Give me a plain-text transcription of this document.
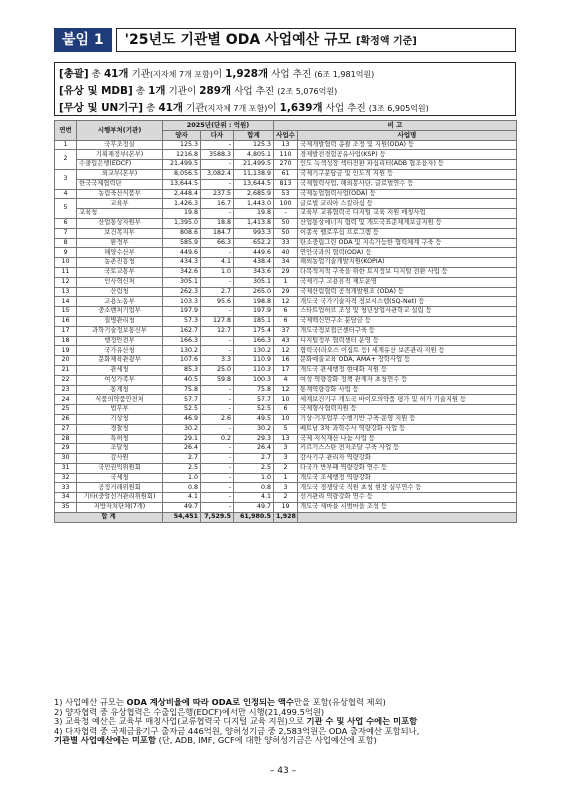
붙임 1	'25년도 기관별 ODA 사업예산 규모 [확정액 기준]
[총괄] 총 41개 기관(지자체 7개 포함)이 1,928개 사업 추진 (6조 1,981억원)
[유상 및 MDB] 총 1개 기관이 289개 사업 추진 (2조 5,076억원)
[무상 및 UN기구] 총 41개 기관(지자체 7개 포함)이 1,639개 사업 추진 (3조 6,905억원)
연번	시행부처(기관)	2025년(단위 : 억원)			비 고	
		양자	다자	합계	사업수	사업명
1	국무조정실	125.3	-	125.3	13	국제개발협력 총괄 조정 및 지원(ODA) 등
2	기획재정부(본부)	1216.8	3588.3	4,805.1	110	경제발전경험공유사업(KSP) 등
	수출입은행(EDCF)	21,499.5	-	21,499.5	270	인도 녹색성장 섹터전환 파십리터(ADB 협조융자) 등
3	외교부(본부)	8,056.5	3,082.4	11,138.9	61	국제기구분담금 및 인도적 지원 등
	한국국제협력단	13,644.5	-	13,644.5	813	국제협력사업, 해외봉사단, 글로벌연수 등
4	농림축산식품부	2,448.4	237.5	2,685.9	53	국제농업협력사업(ODA) 등
5	교육부	1,426.3	16.7	1,443.0	100	글로벌 코리아 스칼라십 등
	교육청	19.8	-	19.8	-	교육부 교류협력국 디지털 교육 지원 매칭사업
6	산업통상자원부	1,395.0	18.8	1,413.8	50	산업통상에너지 협력 및 개도국표준체계보급지원 등
7	보건복지부	808.6	184.7	993.3	50	이종욱 펠로우십 프로그램 등
8	환경부	585.9	66.3	652.2	33	탄소중립그린 ODA 및 지속가능한 협력체계 구축 등
9	해양수산부	449.6	-	449.6	40	연안국과의 협력(ODA) 등
10	농촌진흥청	434.3	4.1	438.4	34	해외농업기술개발지원(KOPIA)
11	국토교통부	342.6	1.0	343.6	29	다목적지적 구축을 위한 토지정보 디지털 전환 사업 등
12	인사혁신처	305.1	-	305.1	1	국제기구 고용휴직 제도운영
13	산림청	262.3	2.7	265.0	29	국제산림협력 공적개발원조 (ODA) 등
14	고용노동부	103.3	95.6	198.8	12	개도국 국가기술자격 정보시스템(SQ-Net) 등
15	중소벤처기업부	197.9	-	197.9	6	스타트업허브 조성 및 청년창업사관학교 설립 등
16	질병관리청	57.3	127.8	185.1	6	국제백신연구소 분담금 등
17	과학기술정보통신부	162.7	12.7	175.4	37	개도국정보접근센터구축 등
18	행정안전부	166.3	-	166.3	43	디지털정부 협력센터 운영 등
19	국가유산청	130.2	-	130.2	12	협력국(라오스 이집트 등) 세계유산 보존관리 지원 등
20	문화체육관광부	107.6	3.3	110.9	16	문화예술교육 ODA, AMA+ 장학사업 등
21	관세청	85.3	25.0	110.3	17	개도국 관세행정 현대화 지원 등
22	여성가족부	40.5	59.8	100.3	4	여성 역량강화 정책 관계자 초청연수 등
23	통계청	75.8	-	75.8	12	통계역량강화 사업 등
24	식품의약품안전처	57.7	-	57.7	10	세계보건기구 개도국 바이오의약품 평가 및 허가 기술지원 등
25	법무부	52.5	-	52.5	6	국제형사협력지원 등
26	기상청	46.9	2.6	49.5	10	기상·기후업무 수행기반 구축·운영 지원 등
27	경찰청	30.2	-	30.2	5	베트남 3차 과학수사 역량강화 사업 등
28	특허청	29.1	0.2	29.3	13	국제 지식재산 나눔 사업 등
29	조달청	26.4	-	26.4	3	키르기스스탄 전자조달 구축 사업 등
30	감사원	2.7	-	2.7	3	감사기구 관리자 역량강화
31	국민권익위원회	2.5	-	2.5	2	다국가 반부패 역량강화 연수 등
32	국세청	1.0	-	1.0	1	개도국 조세행정 역량강화
33	공정거래위원회	0.8	-	0.8	3	개도국 경쟁당국 직원 초청 현장 실무연수 등
34	기타(중앙선거관리위원회)	4.1	-	4.1	2	선거관리 역량강화 연수 등
35	지방자치단체(7개)	49.7	-	49.7	19	개도국 새마을 시범마을 조성 등
합 계		54,451	7,529.5	61,980.5	1,928	
1) 사업예산 규모는 ODA 계상비율에 따라 ODA로 인정되는 액수만을 포함(유상협력 제외)
2) 양자협력 중 유상협력은 수출입은행(EDCF)에서만 시행(21,499.5억원)
3) 교육청 예산은 교육부 매칭사업(교류협력국 디지털 교육 지원)으로 기관 수 및 사업 수에는 미포함
4) 다자협력 중 국제금융기구 출자금 446억원, 양허성기금 중 2,583억원은 ODA 출자예산 포함되나,
기관별 사업예산에는 미포함 (단, ADB, IMF, GCF에 대한 양허성기금은 사업예산에 포함)
– 43 –
